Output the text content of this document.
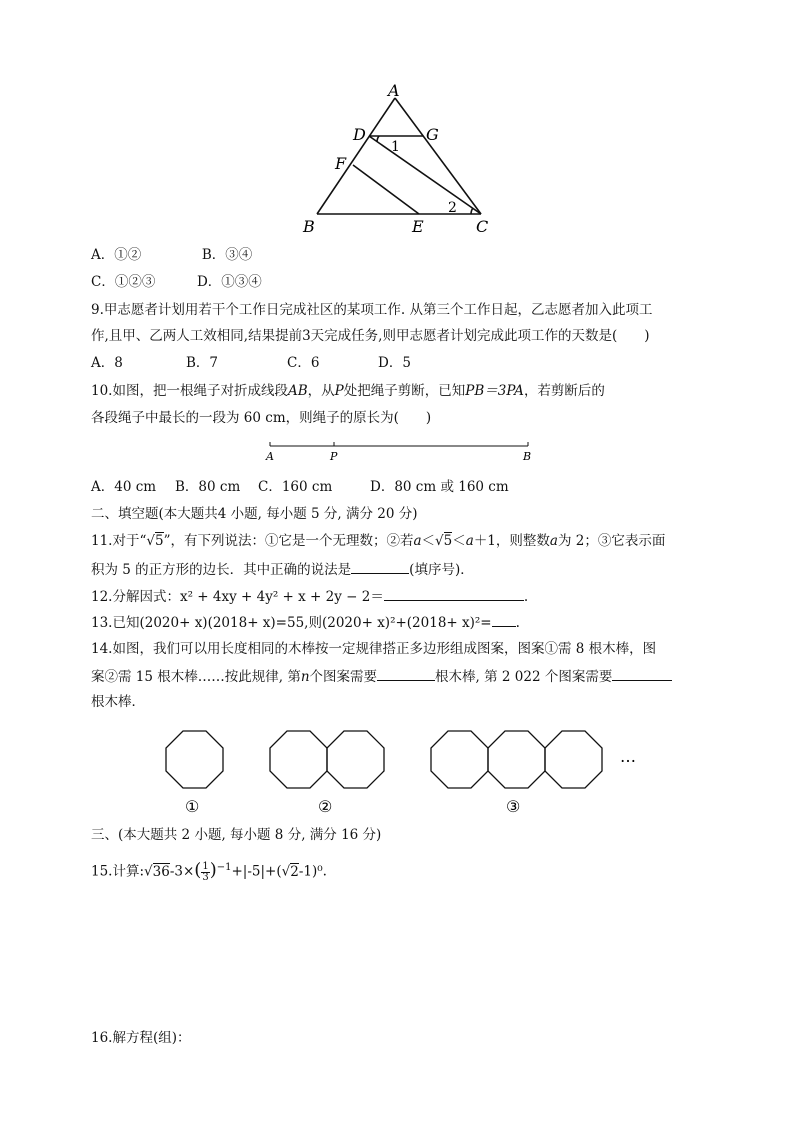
A
D	G
F
B	E	C
1
2
A．①②	B．③④
C．①②③	D．①③④
9.甲志愿者计划用若干个工作日完成社区的某项工作. 从第三个工作日起，乙志愿者加入此项工
作,且甲、乙两人工效相同,结果提前3天完成任务,则甲志愿者计划完成此项工作的天数是(　　)
A．8	B．7	C．6	D．5
10.如图，把一根绳子对折成线段AB，从P处把绳子剪断，已知PB＝3PA，若剪断后的
各段绳子中最长的一段为 60 cm，则绳子的原长为(　　)
A	P	B
A．40 cm B．80 cm C．160 cm	D．80 cm 或 160 cm
二、填空题(本大题共4 小题, 每小题 5 分, 满分 20 分)
11.对于“√5”，有下列说法：①它是一个无理数；②若a＜√5＜a＋1，则整数a为 2；③它表示面
积为 5 的正方形的边长．其中正确的说法是	(填序号)．
12.分解因式：x² + 4xy + 4y² + x + 2y − 2＝	.
13.已知(2020+ x)(2018+ x)=55,则(2020+ x)²+(2018+ x)²= .
14.如图，我们可以用长度相同的木棒按一定规律搭正多边形组成图案，图案①需 8 根木棒，图
案②需 15 根木棒……按此规律, 第n个图案需要	根木棒, 第 2 022 个图案需要
根木棒．
①	②	③
…
三、(本大题共 2 小题, 每小题 8 分, 满分 16 分)
15.计算:√36-3×( $\frac{1}{3} )^{-1}+|-5|+(√2-1)^0$.
16.解方程(组)：
